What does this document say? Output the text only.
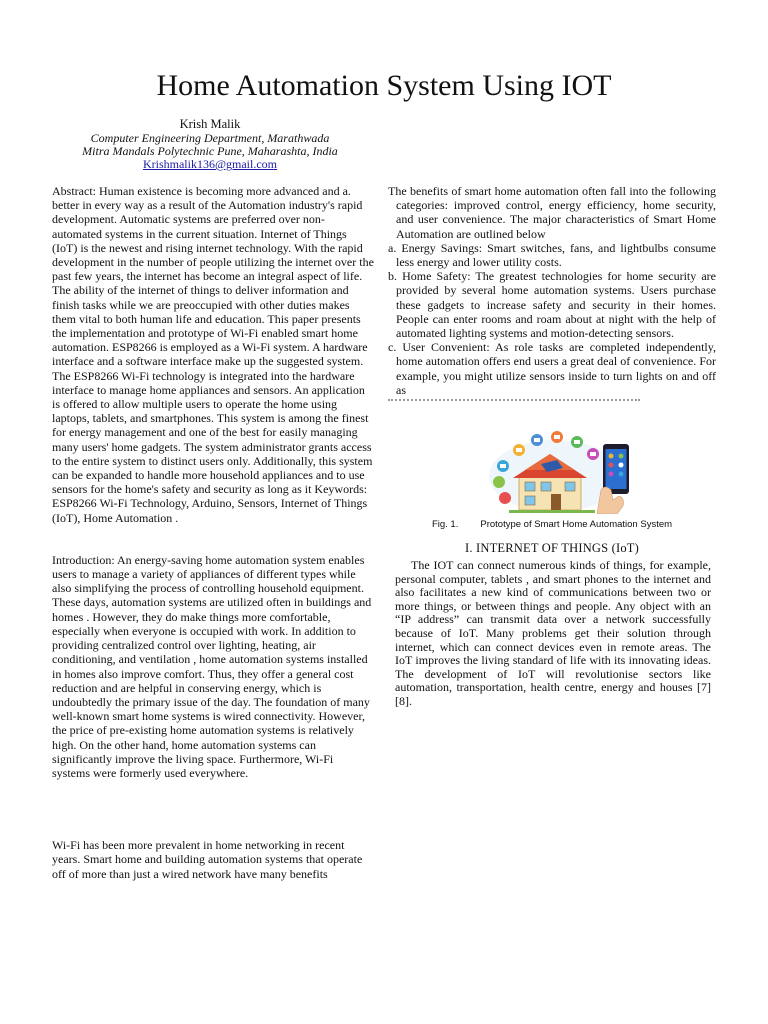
Home Automation System Using IOT
Krish Malik
Computer Engineering Department, Marathwada
Mitra Mandals Polytechnic Pune, Maharashta, India
Krishmalik136@gmail.com

Abstract: Human existence is becoming more advanced and a. better in every way as a result of the Automation industry's rapid development. Automatic systems are preferred over non-automated systems in the current situation. Internet of Things (IoT) is the newest and rising internet technology. With the rapid development in the number of people utilizing the internet over the past few years, the internet has become an integral aspect of life. The ability of the internet of things to deliver information and finish tasks while we are preoccupied with other duties makes them vital to both human life and education. This paper presents the implementation and prototype of Wi-Fi enabled smart home automation. ESP8266 is employed as a Wi-Fi system. A hardware interface and a software interface make up the suggested system. The ESP8266 Wi-Fi technology is integrated into the hardware interface to manage home appliances and sensors. An application is offered to allow multiple users to operate the home using laptops, tablets, and smartphones. This system is among the finest for energy management and one of the best for easily managing many users' home gadgets. The system administrator grants access to the entire system to distinct users only. Additionally, this system can be expanded to handle more household appliances and to use sensors for the home's safety and security as long as it Keywords: ESP8266 Wi-Fi Technology, Arduino, Sensors, Internet of Things (IoT), Home Automation .

Introduction: An energy-saving home automation system enables users to manage a variety of appliances of different types while also simplifying the process of controlling household equipment. These days, automation systems are utilized often in buildings and homes . However, they do make things more comfortable, especially when everyone is occupied with work. In addition to providing centralized control over lighting, heating, air conditioning, and ventilation , home automation systems installed in homes also improve comfort. Thus, they offer a general cost reduction and are helpful in conserving energy, which is undoubtedly the primary issue of the day. The foundation of many well-known smart home systems is wired connectivity. However, the price of pre-existing home automation systems is relatively high. On the other hand, home automation systems can significantly improve the living space. Furthermore, Wi-Fi systems were formerly used everywhere.

Wi-Fi has been more prevalent in home networking in recent years. Smart home and building automation systems that operate off of more than just a wired network have many benefits

The benefits of smart home automation often fall into the following categories: improved control, energy efficiency, home security, and user convenience. The major characteristics of Smart Home Automation are outlined below

a. Energy Savings: Smart switches, fans, and lightbulbs consume less energy and lower utility costs.

b. Home Safety: The greatest technologies for home security are provided by several home automation systems. Users purchase these gadgets to increase safety and security in their homes. People can enter rooms and roam about at night with the help of automated lighting systems and motion-detecting sensors.

c. User Convenient: As role tasks are completed independently, home automation offers end users a great deal of convenience. For example, you might utilize sensors inside to turn lights on and off as

Fig. 1. Prototype of Smart Home Automation System
I. INTERNET OF THINGS (IoT)

The IOT can connect numerous kinds of things, for example, personal computer, tablets , and smart phones to the internet and also facilitates a new kind of communications between two or more things, or between things and people. Any object with an “IP address” can transmit data over a network successfully because of IoT. Many problems get their solution through internet, which can connect devices even in remote areas. The IoT improves the living standard of life with its innovating ideas. The development of IoT will revolutionise sectors like automation, transportation, health centre, energy and houses [7][8].
